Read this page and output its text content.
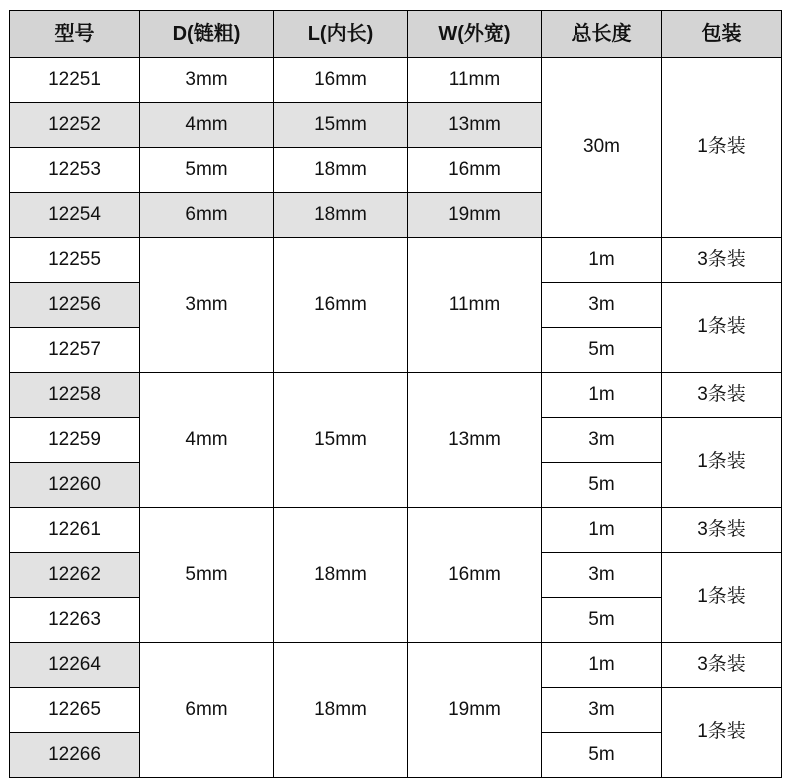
型号	D(链粗)	L(内长)	W(外宽)	总长度	包装
12251	3mm	16mm	11mm	30m	1条装
12252	4mm	15mm	13mm		
12253	5mm	18mm	16mm		
12254	6mm	18mm	19mm		
12255	3mm	16mm	11mm	1m	3条装
12256				3m	1条装
12257				5m	
12258	4mm	15mm	13mm	1m	3条装
12259				3m	1条装
12260				5m	
12261	5mm	18mm	16mm	1m	3条装
12262				3m	1条装
12263				5m	
12264	6mm	18mm	19mm	1m	3条装
12265				3m	1条装
12266				5m	
